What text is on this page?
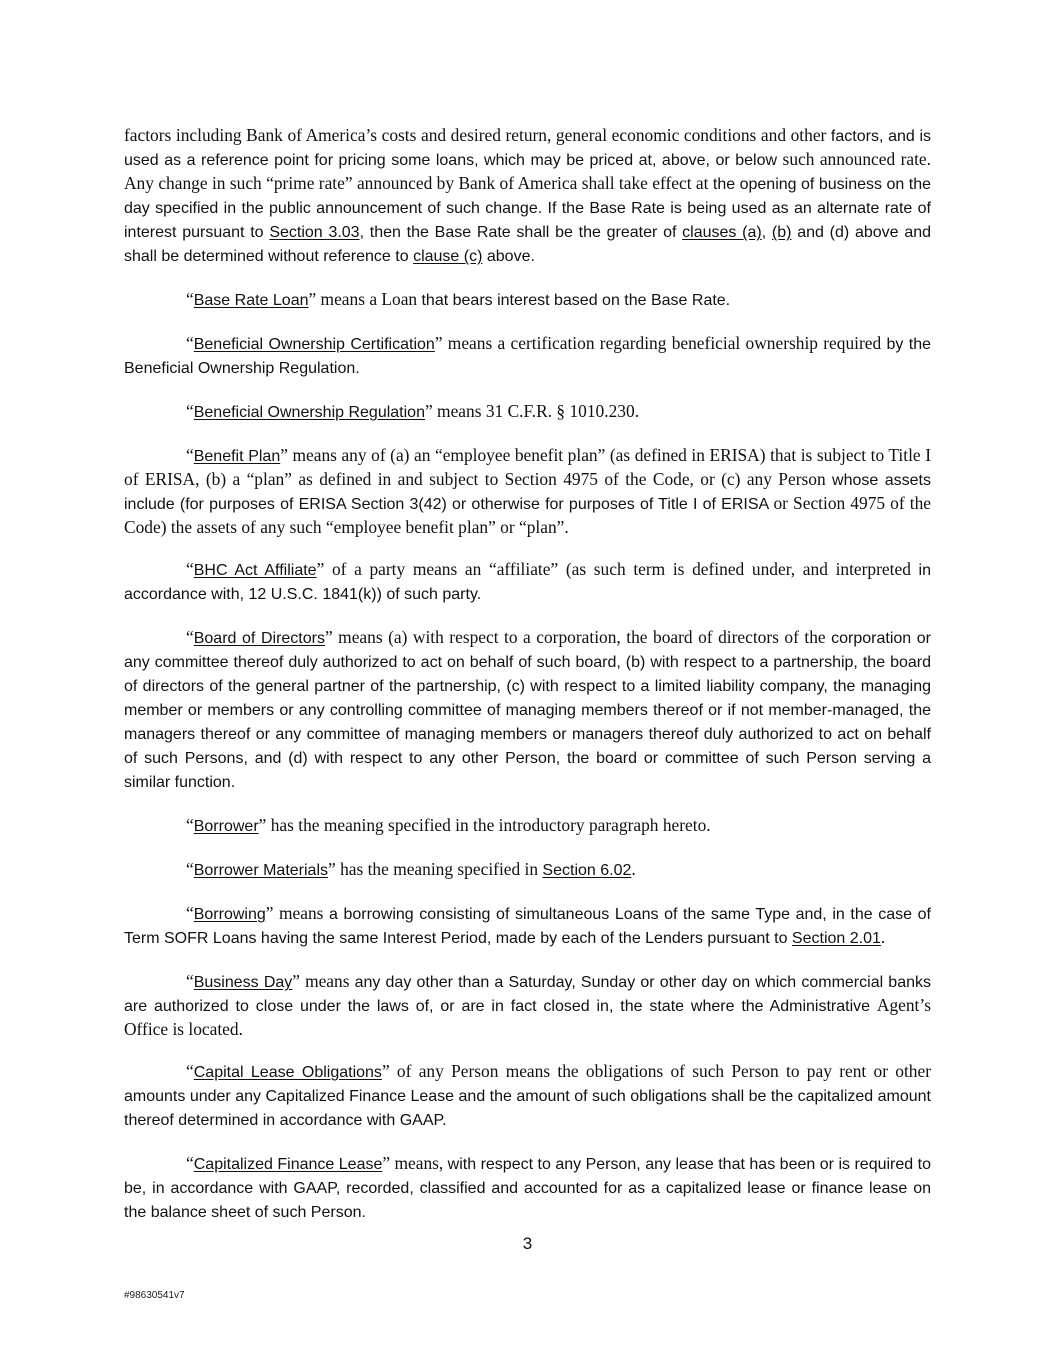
factors including Bank of America’s costs and desired return, general economic conditions and other factors, and is used as a reference point for pricing some loans, which may be priced at, above, or below such announced rate. Any change in such “prime rate” announced by Bank of America shall take effect at the opening of business on the day specified in the public announcement of such change. If the Base Rate is being used as an alternate rate of interest pursuant to Section 3.03, then the Base Rate shall be the greater of clauses (a), (b) and (d) above and shall be determined without reference to clause (c) above.

“Base Rate Loan” means a Loan that bears interest based on the Base Rate.

“Beneficial Ownership Certification” means a certification regarding beneficial ownership required by the Beneficial Ownership Regulation.

“Beneficial Ownership Regulation” means 31 C.F.R. § 1010.230.

“Benefit Plan” means any of (a) an “employee benefit plan” (as defined in ERISA) that is subject to Title I of ERISA, (b) a “plan” as defined in and subject to Section 4975 of the Code, or (c) any Person whose assets include (for purposes of ERISA Section 3(42) or otherwise for purposes of Title I of ERISA or Section 4975 of the Code) the assets of any such “employee benefit plan” or “plan”.

“BHC Act Affiliate” of a party means an “affiliate” (as such term is defined under, and interpreted in accordance with, 12 U.S.C. 1841(k)) of such party.

“Board of Directors” means (a) with respect to a corporation, the board of directors of the corporation or any committee thereof duly authorized to act on behalf of such board, (b) with respect to a partnership, the board of directors of the general partner of the partnership, (c) with respect to a limited liability company, the managing member or members or any controlling committee of managing members thereof or if not member-managed, the managers thereof or any committee of managing members or managers thereof duly authorized to act on behalf of such Persons, and (d) with respect to any other Person, the board or committee of such Person serving a similar function.

“Borrower” has the meaning specified in the introductory paragraph hereto.

“Borrower Materials” has the meaning specified in Section 6.02.

“Borrowing” means a borrowing consisting of simultaneous Loans of the same Type and, in the case of Term SOFR Loans having the same Interest Period, made by each of the Lenders pursuant to Section 2.01.

“Business Day” means any day other than a Saturday, Sunday or other day on which commercial banks are authorized to close under the laws of, or are in fact closed in, the state where the Administrative Agent’s Office is located.

“Capital Lease Obligations” of any Person means the obligations of such Person to pay rent or other amounts under any Capitalized Finance Lease and the amount of such obligations shall be the capitalized amount thereof determined in accordance with GAAP.

“Capitalized Finance Lease” means, with respect to any Person, any lease that has been or is required to be, in accordance with GAAP, recorded, classified and accounted for as a capitalized lease or finance lease on the balance sheet of such Person.

3
#98630541v7
